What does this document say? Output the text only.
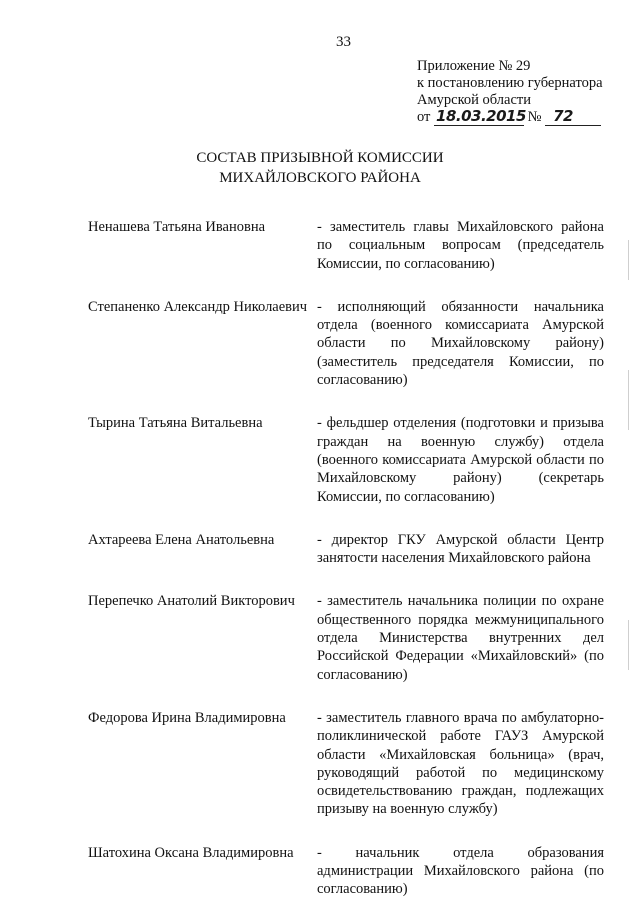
33
Приложение № 29
к постановлению губернатора
Амурской области
от 18.03.2015 № 72
СОСТАВ ПРИЗЫВНОЙ КОМИССИИ
МИХАЙЛОВСКОГО РАЙОНА
Ненашева Татьяна Ивановна	- заместитель главы Михайловского района по социальным вопросам (председатель Комиссии, по согласованию)
Степаненко Александр Николаевич - исполняющий обязанности начальника отдела (военного комиссариата Амурской области по Михайловскому району) (заместитель председателя Комиссии, по согласованию)
Тырина Татьяна Витальевна	- фельдшер отделения (подготовки и призыва граждан на военную службу) отдела (военного комиссариата Амурской области по Михайловскому району) (секретарь Комиссии, по согласованию)
Ахтареева Елена Анатольевна	- директор ГКУ Амурской области Центр занятости населения Михайловского района
Перепечко Анатолий Викторович	- заместитель начальника полиции по охране общественного порядка межмуниципального отдела Министерства внутренних дел Российской Федерации «Михайловский» (по согласованию)
Федорова Ирина Владимировна	- заместитель главного врача по амбулаторно-поликлинической работе ГАУЗ Амурской области «Михайловская больница» (врач, руководящий работой по медицинскому освидетельствованию граждан, подлежащих призыву на военную службу)
Шатохина Оксана Владимировна	- начальник отдела образования администрации Михайловского района (по согласованию)
